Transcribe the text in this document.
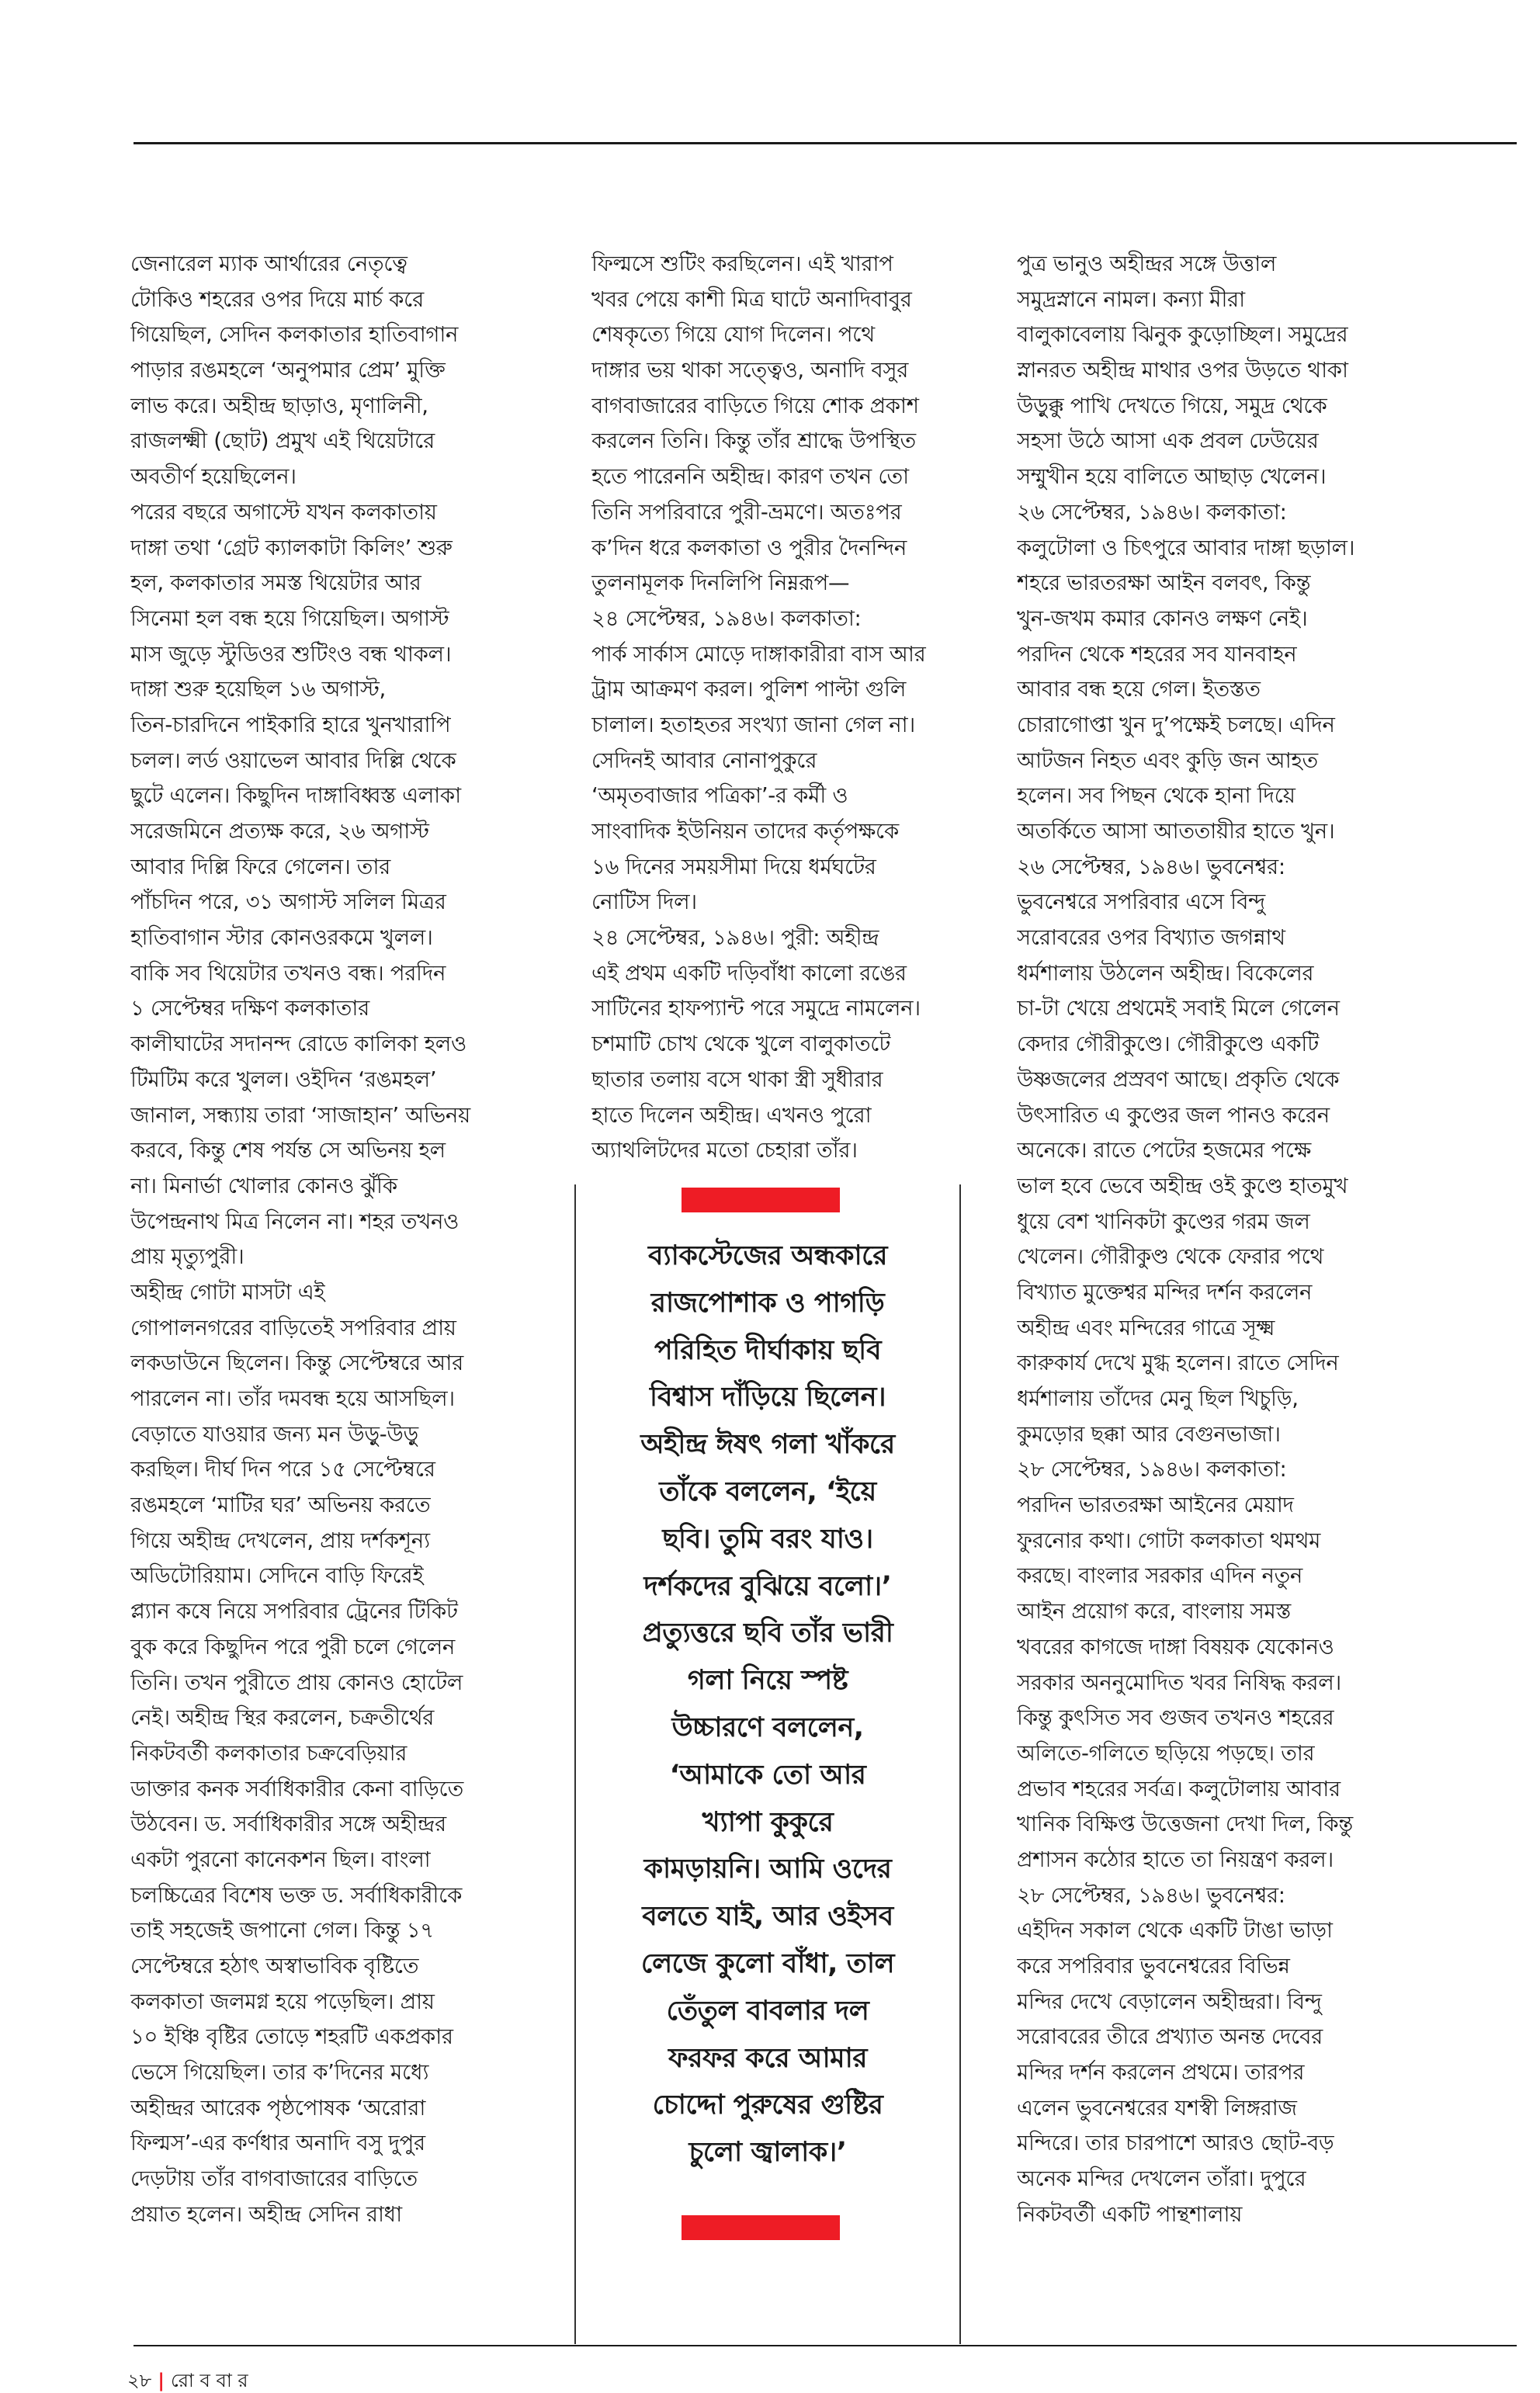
জেনারেল ম্যাক আর্থারের নেতৃত্বে
টোকিও শহরের ওপর দিয়ে মার্চ করে
গিয়েছিল, সেদিন কলকাতার হাতিবাগান
পাড়ার রঙমহলে ‘অনুপমার প্রেম’ মুক্তি
লাভ করে। অহীন্দ্র ছাড়াও, মৃণালিনী,
রাজলক্ষ্মী (ছোট) প্রমুখ এই থিয়েটারে
অবতীর্ণ হয়েছিলেন।
পরের বছরে অগাস্টে যখন কলকাতায়
দাঙ্গা তথা ‘গ্রেট ক্যালকাটা কিলিং’ শুরু
হল, কলকাতার সমস্ত থিয়েটার আর
সিনেমা হল বন্ধ হয়ে গিয়েছিল। অগাস্ট
মাস জুড়ে স্টুডিওর শুটিংও বন্ধ থাকল।
দাঙ্গা শুরু হয়েছিল ১৬ অগাস্ট,
তিন-চারদিনে পাইকারি হারে খুনখারাপি
চলল। লর্ড ওয়াভেল আবার দিল্লি থেকে
ছুটে এলেন। কিছুদিন দাঙ্গাবিধ্বস্ত এলাকা
সরেজমিনে প্রত্যক্ষ করে, ২৬ অগাস্ট
আবার দিল্লি ফিরে গেলেন। তার
পাঁচদিন পরে, ৩১ অগাস্ট সলিল মিত্রর
হাতিবাগান স্টার কোনওরকমে খুলল।
বাকি সব থিয়েটার তখনও বন্ধ। পরদিন
১ সেপ্টেম্বর দক্ষিণ কলকাতার
কালীঘাটের সদানন্দ রোডে কালিকা হলও
টিমটিম করে খুলল। ওইদিন ‘রঙমহল’
জানাল, সন্ধ্যায় তারা ‘সাজাহান’ অভিনয়
করবে, কিন্তু শেষ পর্যন্ত সে অভিনয় হল
না। মিনার্ভা খোলার কোনও ঝুঁকি
উপেন্দ্রনাথ মিত্র নিলেন না। শহর তখনও
প্রায় মৃত্যুপুরী।
অহীন্দ্র গোটা মাসটা এই
গোপালনগরের বাড়িতেই সপরিবার প্রায়
লকডাউনে ছিলেন। কিন্তু সেপ্টেম্বরে আর
পারলেন না। তাঁর দমবন্ধ হয়ে আসছিল।
বেড়াতে যাওয়ার জন্য মন উড়ু-উড়ু
করছিল। দীর্ঘ দিন পরে ১৫ সেপ্টেম্বরে
রঙমহলে ‘মাটির ঘর’ অভিনয় করতে
গিয়ে অহীন্দ্র দেখলেন, প্রায় দর্শকশূন্য
অডিটোরিয়াম। সেদিনে বাড়ি ফিরেই
প্ল্যান কষে নিয়ে সপরিবার ট্রেনের টিকিট
বুক করে কিছুদিন পরে পুরী চলে গেলেন
তিনি। তখন পুরীতে প্রায় কোনও হোটেল
নেই। অহীন্দ্র স্থির করলেন, চক্রতীর্থের
নিকটবর্তী কলকাতার চক্রবেড়িয়ার
ডাক্তার কনক সর্বাধিকারীর কেনা বাড়িতে
উঠবেন। ড. সর্বাধিকারীর সঙ্গে অহীন্দ্রর
একটা পুরনো কানেকশন ছিল। বাংলা
চলচ্চিত্রের বিশেষ ভক্ত ড. সর্বাধিকারীকে
তাই সহজেই জপানো গেল। কিন্তু ১৭
সেপ্টেম্বরে হঠাৎ অস্বাভাবিক বৃষ্টিতে
কলকাতা জলমগ্ন হয়ে পড়েছিল। প্রায়
১০ ইঞ্চি বৃষ্টির তোড়ে শহরটি একপ্রকার
ভেসে গিয়েছিল। তার ক’দিনের মধ্যে
অহীন্দ্রর আরেক পৃষ্ঠপোষক ‘অরোরা
ফিল্মস’-এর কর্ণধার অনাদি বসু দুপুর
দেড়টায় তাঁর বাগবাজারের বাড়িতে
প্রয়াত হলেন। অহীন্দ্র সেদিন রাধা
ফিল্মসে শুটিং করছিলেন। এই খারাপ
খবর পেয়ে কাশী মিত্র ঘাটে অনাদিবাবুর
শেষকৃত্যে গিয়ে যোগ দিলেন। পথে
দাঙ্গার ভয় থাকা সত্ত্বেও, অনাদি বসুর
বাগবাজারের বাড়িতে গিয়ে শোক প্রকাশ
করলেন তিনি। কিন্তু তাঁর শ্রাদ্ধে উপস্থিত
হতে পারেননি অহীন্দ্র। কারণ তখন তো
তিনি সপরিবারে পুরী-ভ্রমণে। অতঃপর
ক’দিন ধরে কলকাতা ও পুরীর দৈনন্দিন
তুলনামূলক দিনলিপি নিম্নরূপ—
২৪ সেপ্টেম্বর, ১৯৪৬। কলকাতা:
পার্ক সার্কাস মোড়ে দাঙ্গাকারীরা বাস আর
ট্রাম আক্রমণ করল। পুলিশ পাল্টা গুলি
চালাল। হতাহতর সংখ্যা জানা গেল না।
সেদিনই আবার নোনাপুকুরে
‘অমৃতবাজার পত্রিকা’-র কর্মী ও
সাংবাদিক ইউনিয়ন তাদের কর্তৃপক্ষকে
১৬ দিনের সময়সীমা দিয়ে ধর্মঘটের
নোটিস দিল।
২৪ সেপ্টেম্বর, ১৯৪৬। পুরী: অহীন্দ্র
এই প্রথম একটি দড়িবাঁধা কালো রঙের
সাটিনের হাফপ্যান্ট পরে সমুদ্রে নামলেন।
চশমাটি চোখ থেকে খুলে বালুকাতটে
ছাতার তলায় বসে থাকা স্ত্রী সুধীরার
হাতে দিলেন অহীন্দ্র। এখনও পুরো
অ্যাথলিটদের মতো চেহারা তাঁর।
পুত্র ভানুও অহীন্দ্রর সঙ্গে উত্তাল
সমুদ্রস্নানে নামল। কন্যা মীরা
বালুকাবেলায় ঝিনুক কুড়োচ্ছিল। সমুদ্রের
স্নানরত অহীন্দ্র মাথার ওপর উড়তে থাকা
উড়ুক্কু পাখি দেখতে গিয়ে, সমুদ্র থেকে
সহসা উঠে আসা এক প্রবল ঢেউয়ের
সম্মুখীন হয়ে বালিতে আছাড় খেলেন।
২৬ সেপ্টেম্বর, ১৯৪৬। কলকাতা:
কলুটোলা ও চিৎপুরে আবার দাঙ্গা ছড়াল।
শহরে ভারতরক্ষা আইন বলবৎ, কিন্তু
খুন-জখম কমার কোনও লক্ষণ নেই।
পরদিন থেকে শহরের সব যানবাহন
আবার বন্ধ হয়ে গেল। ইতস্তত
চোরাগোপ্তা খুন দু’পক্ষেই চলছে। এদিন
আটজন নিহত এবং কুড়ি জন আহত
হলেন। সব পিছন থেকে হানা দিয়ে
অতর্কিতে আসা আততায়ীর হাতে খুন।
২৬ সেপ্টেম্বর, ১৯৪৬। ভুবনেশ্বর:
ভুবনেশ্বরে সপরিবার এসে বিন্দু
সরোবরের ওপর বিখ্যাত জগন্নাথ
ধর্মশালায় উঠলেন অহীন্দ্র। বিকেলের
চা-টা খেয়ে প্রথমেই সবাই মিলে গেলেন
কেদার গৌরীকুণ্ডে। গৌরীকুণ্ডে একটি
উষ্ণজলের প্রস্রবণ আছে। প্রকৃতি থেকে
উৎসারিত এ কুণ্ডের জল পানও করেন
অনেকে। রাতে পেটের হজমের পক্ষে
ভাল হবে ভেবে অহীন্দ্র ওই কুণ্ডে হাতমুখ
ধুয়ে বেশ খানিকটা কুণ্ডের গরম জল
খেলেন। গৌরীকুণ্ড থেকে ফেরার পথে
বিখ্যাত মুক্তেশ্বর মন্দির দর্শন করলেন
অহীন্দ্র এবং মন্দিরের গাত্রে সূক্ষ্ম
কারুকার্য দেখে মুগ্ধ হলেন। রাতে সেদিন
ধর্মশালায় তাঁদের মেনু ছিল খিচুড়ি,
কুমড়োর ছক্কা আর বেগুনভাজা।
২৮ সেপ্টেম্বর, ১৯৪৬। কলকাতা:
পরদিন ভারতরক্ষা আইনের মেয়াদ
ফুরনোর কথা। গোটা কলকাতা থমথম
করছে। বাংলার সরকার এদিন নতুন
আইন প্রয়োগ করে, বাংলায় সমস্ত
খবরের কাগজে দাঙ্গা বিষয়ক যেকোনও
সরকার অননুমোদিত খবর নিষিদ্ধ করল।
কিন্তু কুৎসিত সব গুজব তখনও শহরের
অলিতে-গলিতে ছড়িয়ে পড়ছে। তার
প্রভাব শহরের সর্বত্র। কলুটোলায় আবার
খানিক বিক্ষিপ্ত উত্তেজনা দেখা দিল, কিন্তু
প্রশাসন কঠোর হাতে তা নিয়ন্ত্রণ করল।
২৮ সেপ্টেম্বর, ১৯৪৬। ভুবনেশ্বর:
এইদিন সকাল থেকে একটি টাঙা ভাড়া
করে সপরিবার ভুবনেশ্বরের বিভিন্ন
মন্দির দেখে বেড়ালেন অহীন্দ্ররা। বিন্দু
সরোবরের তীরে প্রখ্যাত অনন্ত দেবের
মন্দির দর্শন করলেন প্রথমে। তারপর
এলেন ভুবনেশ্বরের যশস্বী লিঙ্গরাজ
মন্দিরে। তার চারপাশে আরও ছোট-বড়
অনেক মন্দির দেখলেন তাঁরা। দুপুরে
নিকটবর্তী একটি পান্থশালায়
ব্যাকস্টেজের অন্ধকারে
রাজপোশাক ও পাগড়ি
পরিহিত দীর্ঘাকায় ছবি
বিশ্বাস দাঁড়িয়ে ছিলেন।
অহীন্দ্র ঈষৎ গলা খাঁকরে
তাঁকে বললেন, ‘ইয়ে
ছবি। তুমি বরং যাও।
দর্শকদের বুঝিয়ে বলো।’
প্রত্যুত্তরে ছবি তাঁর ভারী
গলা নিয়ে স্পষ্ট
উচ্চারণে বললেন,
‘আমাকে তো আর
খ্যাপা কুকুরে
কামড়ায়নি। আমি ওদের
বলতে যাই, আর ওইসব
লেজে কুলো বাঁধা, তাল
তেঁতুল বাবলার দল
ফরফর করে আমার
চোদ্দো পুরুষের গুষ্টির
চুলো জ্বালাক।’
২৮ | রো ব বা র
